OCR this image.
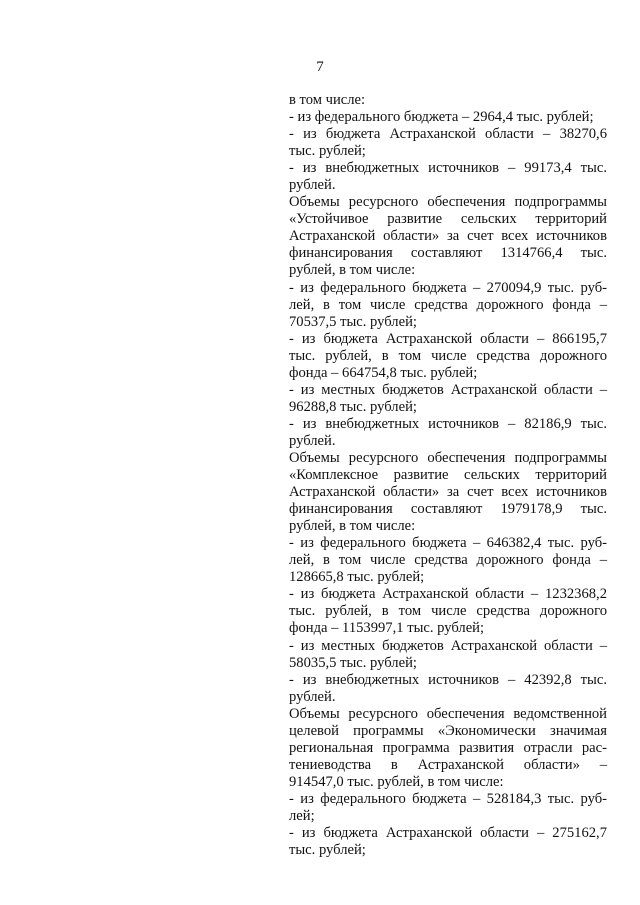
7
в том числе:
- из федерального бюджета – 2964,4 тыс. рублей;
- из бюджета Астраханской области – 38270,6
тыс. рублей;
- из внебюджетных источников – 99173,4 тыс.
рублей.
Объемы ресурсного обеспечения подпрограммы
«Устойчивое развитие сельских территорий
Астраханской области» за счет всех источников
финансирования составляют 1314766,4 тыс.
рублей, в том числе:
- из федерального бюджета – 270094,9 тыс. руб-
лей, в том числе средства дорожного фонда –
70537,5 тыс. рублей;
- из бюджета Астраханской области – 866195,7
тыс. рублей, в том числе средства дорожного
фонда – 664754,8 тыс. рублей;
- из местных бюджетов Астраханской области –
96288,8 тыс. рублей;
- из внебюджетных источников – 82186,9 тыс.
рублей.
Объемы ресурсного обеспечения подпрограммы
«Комплексное развитие сельских территорий
Астраханской области» за счет всех источников
финансирования составляют 1979178,9 тыс.
рублей, в том числе:
- из федерального бюджета – 646382,4 тыс. руб-
лей, в том числе средства дорожного фонда –
128665,8 тыс. рублей;
- из бюджета Астраханской области – 1232368,2
тыс. рублей, в том числе средства дорожного
фонда – 1153997,1 тыс. рублей;
- из местных бюджетов Астраханской области –
58035,5 тыс. рублей;
- из внебюджетных источников – 42392,8 тыс.
рублей.
Объемы ресурсного обеспечения ведомственной
целевой программы «Экономически значимая
региональная программа развития отрасли рас-
тениеводства в Астраханской области» –
914547,0 тыс. рублей, в том числе:
- из федерального бюджета – 528184,3 тыс. руб-
лей;
- из бюджета Астраханской области – 275162,7
тыс. рублей;
